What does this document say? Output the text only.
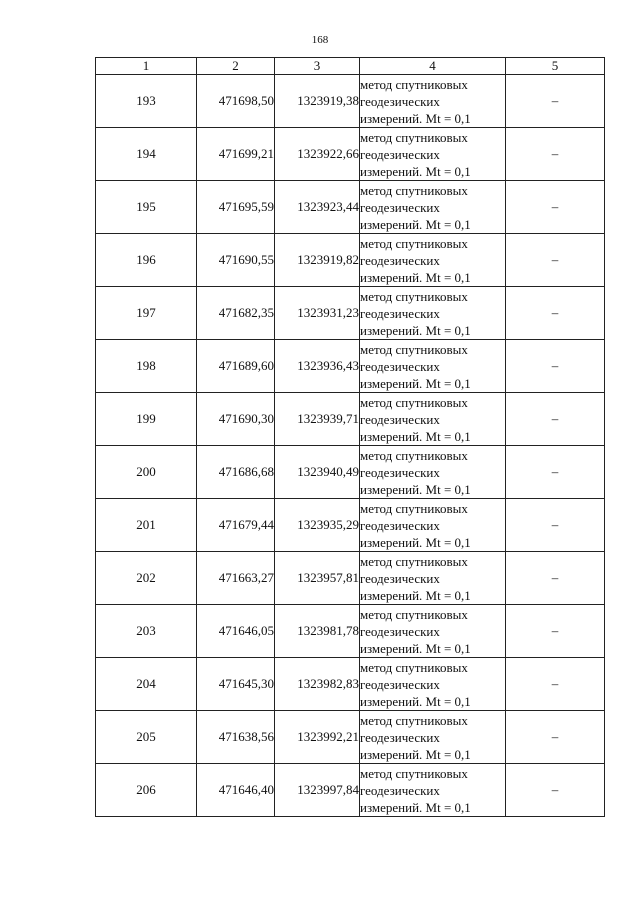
168
1	2	3	4	5
193	471698,50	1323919,38	метод спутниковых
геодезических
измерений. Mt = 0,1	–
194	471699,21	1323922,66	метод спутниковых
геодезических
измерений. Mt = 0,1	–
195	471695,59	1323923,44	метод спутниковых
геодезических
измерений. Mt = 0,1	–
196	471690,55	1323919,82	метод спутниковых
геодезических
измерений. Mt = 0,1	–
197	471682,35	1323931,23	метод спутниковых
геодезических
измерений. Mt = 0,1	–
198	471689,60	1323936,43	метод спутниковых
геодезических
измерений. Mt = 0,1	–
199	471690,30	1323939,71	метод спутниковых
геодезических
измерений. Mt = 0,1	–
200	471686,68	1323940,49	метод спутниковых
геодезических
измерений. Mt = 0,1	–
201	471679,44	1323935,29	метод спутниковых
геодезических
измерений. Mt = 0,1	–
202	471663,27	1323957,81	метод спутниковых
геодезических
измерений. Mt = 0,1	–
203	471646,05	1323981,78	метод спутниковых
геодезических
измерений. Mt = 0,1	–
204	471645,30	1323982,83	метод спутниковых
геодезических
измерений. Mt = 0,1	–
205	471638,56	1323992,21	метод спутниковых
геодезических
измерений. Mt = 0,1	–
206	471646,40	1323997,84	метод спутниковых
геодезических
измерений. Mt = 0,1	–
